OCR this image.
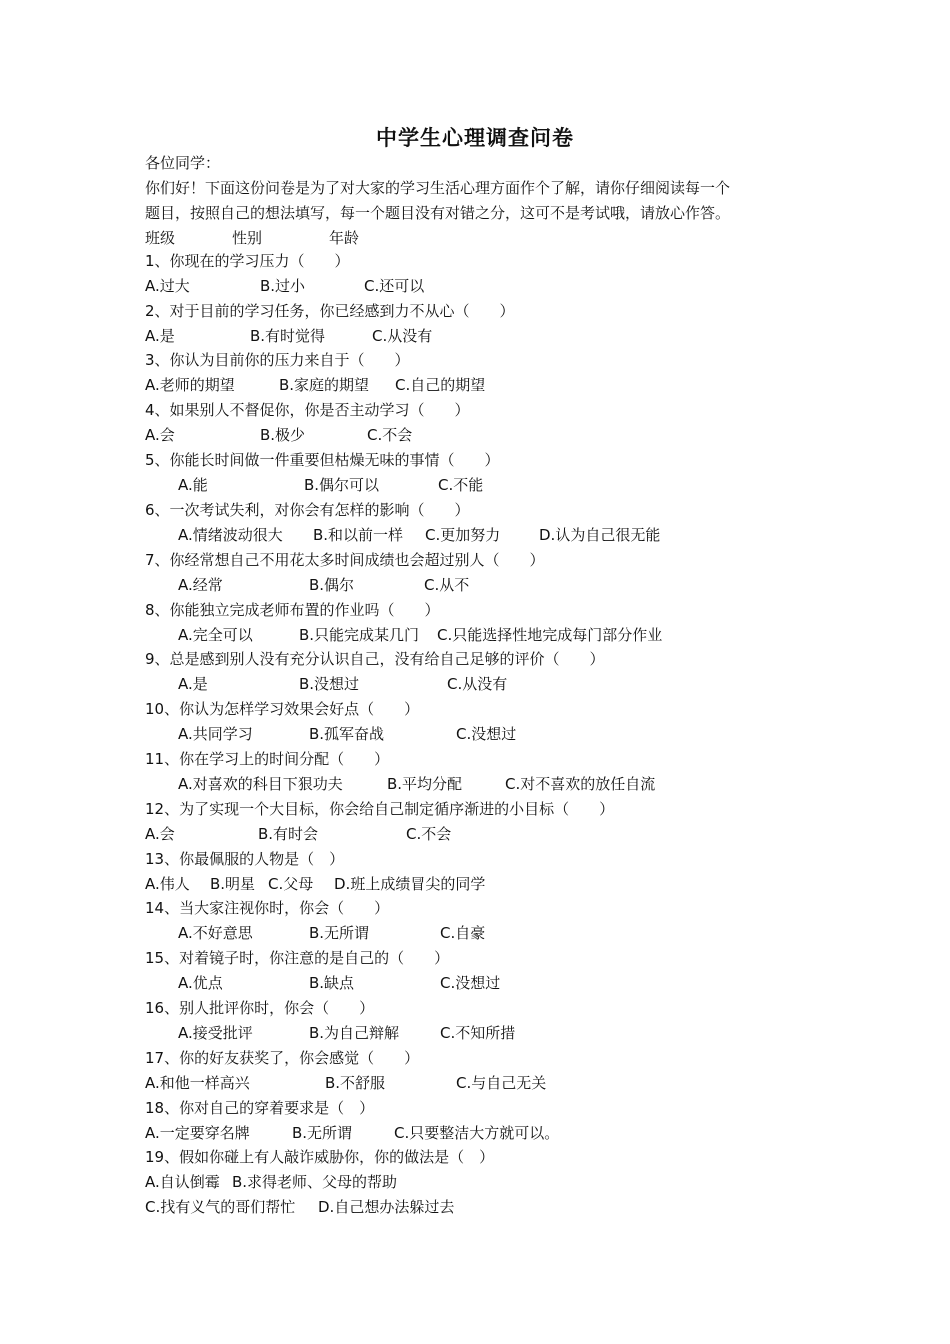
中学生心理调查问卷
各位同学：
你们好！下面这份问卷是为了对大家的学习生活心理方面作个了解，请你仔细阅读每一个
题目，按照自己的想法填写，每一个题目没有对错之分，这可不是考试哦，请放心作答。
班级	性别	年龄
1、你现在的学习压力（　　）
A.过大	B.过小	C.还可以
2、对于目前的学习任务，你已经感到力不从心（　　）
A.是	B.有时觉得	C.从没有
3、你认为目前你的压力来自于（　　）
A.老师的期望	B.家庭的期望 C.自己的期望
4、如果别人不督促你，你是否主动学习（　　）
A.会	B.极少	C.不会
5、你能长时间做一件重要但枯燥无味的事情（　　）
A.能	B.偶尔可以	C.不能
6、一次考试失利，对你会有怎样的影响（　　）
A.情绪波动很大 B.和以前一样 C.更加努力	D.认为自己很无能
7、你经常想自己不用花太多时间成绩也会超过别人（　　）
A.经常	B.偶尔	C.从不
8、你能独立完成老师布置的作业吗（　　）
A.完全可以	B.只能完成某几门 C.只能选择性地完成每门部分作业
9、总是感到别人没有充分认识自己，没有给自己足够的评价（　　）
A.是	B.没想过	C.从没有
10、你认为怎样学习效果会好点（　　）
A.共同学习	B.孤军奋战	C.没想过
11、你在学习上的时间分配（　　）
A.对喜欢的科目下狠功夫	B.平均分配	C.对不喜欢的放任自流
12、为了实现一个大目标，你会给自己制定循序渐进的小目标（　　）
A.会	B.有时会	C.不会
13、你最佩服的人物是（　）
A.伟人 B.明星 C.父母 D.班上成绩冒尖的同学
14、当大家注视你时，你会（　　）
A.不好意思	B.无所谓	C.自豪
15、对着镜子时，你注意的是自己的（　　）
A.优点	B.缺点	C.没想过
16、别人批评你时，你会（　　）
A.接受批评	B.为自己辩解	C.不知所措
17、你的好友获奖了，你会感觉（　　）
A.和他一样高兴	B.不舒服	C.与自己无关
18、你对自己的穿着要求是（　）
A.一定要穿名牌	B.无所谓	C.只要整洁大方就可以。
19、假如你碰上有人敲诈威胁你，你的做法是（　）
A.自认倒霉 B.求得老师、父母的帮助
C.找有义气的哥们帮忙 D.自己想办法躲过去
